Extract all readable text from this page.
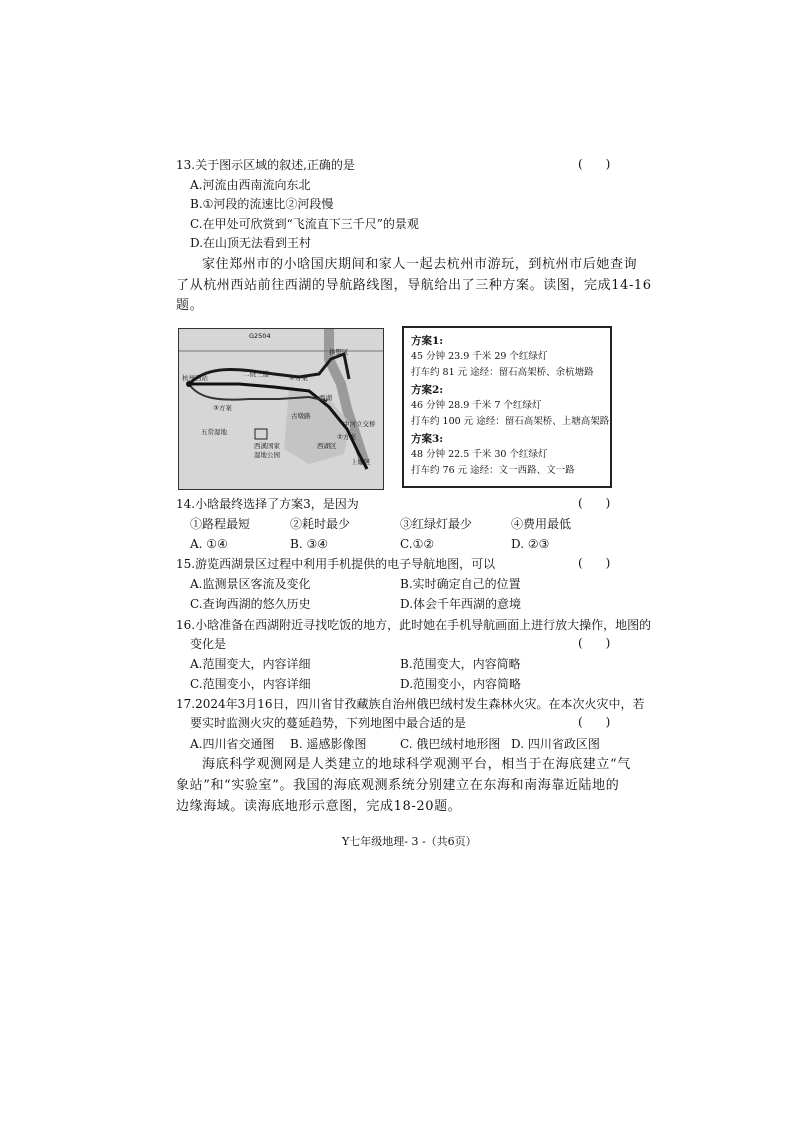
13.关于图示区域的叙述,正确的是	(      )
A.河流由西南流向东北
B.①河段的流速比②河段慢
C.在甲处可欣赏到“飞流直下三千尺”的景观
D.在山顶无法看到王村
家住郑州市的小晗国庆期间和家人一起去杭州市游玩，到杭州市后她查询
了从杭州西站前往西湖的导航路线图，导航给出了三种方案。读图，完成14-16
题。
G2504
拱墅区
杭州西站	二绕三通	①方案
③方案
西湖
古墩路
五常湿地
西溪国家
湿地公园
西湖区
中河立交桥
②方案
上城区
方案1:
45 分钟 23.9 千米 29 个红绿灯
打车约 81 元 途经：留石高架桥、余杭塘路
方案2:
46 分钟 28.9 千米 7 个红绿灯
打车约 100 元 途经：留石高架桥、上塘高架路
方案3:
48 分钟 22.5 千米 30 个红绿灯
打车约 76 元 途经：文一西路、文一路
14.小晗最终选择了方案3，是因为	(      )
①路程最短	②耗时最少	③红绿灯最少	④费用最低
A. ①④	B. ③④	C.①②	D. ②③
15.游览西湖景区过程中利用手机提供的电子导航地图，可以	(      )
A.监测景区客流及变化	B.实时确定自己的位置
C.查询西湖的悠久历史	D.体会千年西湖的意境
16.小晗准备在西湖附近寻找吃饭的地方，此时她在手机导航画面上进行放大操作，地图的
变化是	(      )
A.范围变大，内容详细	B.范围变大，内容简略
C.范围变小，内容详细	D.范围变小，内容简略
17.2024年3月16日，四川省甘孜藏族自治州俄巴绒村发生森林火灾。在本次火灾中，若
要实时监测火灾的蔓延趋势，下列地图中最合适的是	(      )
A.四川省交通图 B. 遥感影像图	C. 俄巴绒村地形图 D. 四川省政区图
海底科学观测网是人类建立的地球科学观测平台，相当于在海底建立“气
象站”和“实验室”。我国的海底观测系统分别建立在东海和南海靠近陆地的
边缘海域。读海底地形示意图，完成18-20题。
Y七年级地理- 3 -（共6页）
